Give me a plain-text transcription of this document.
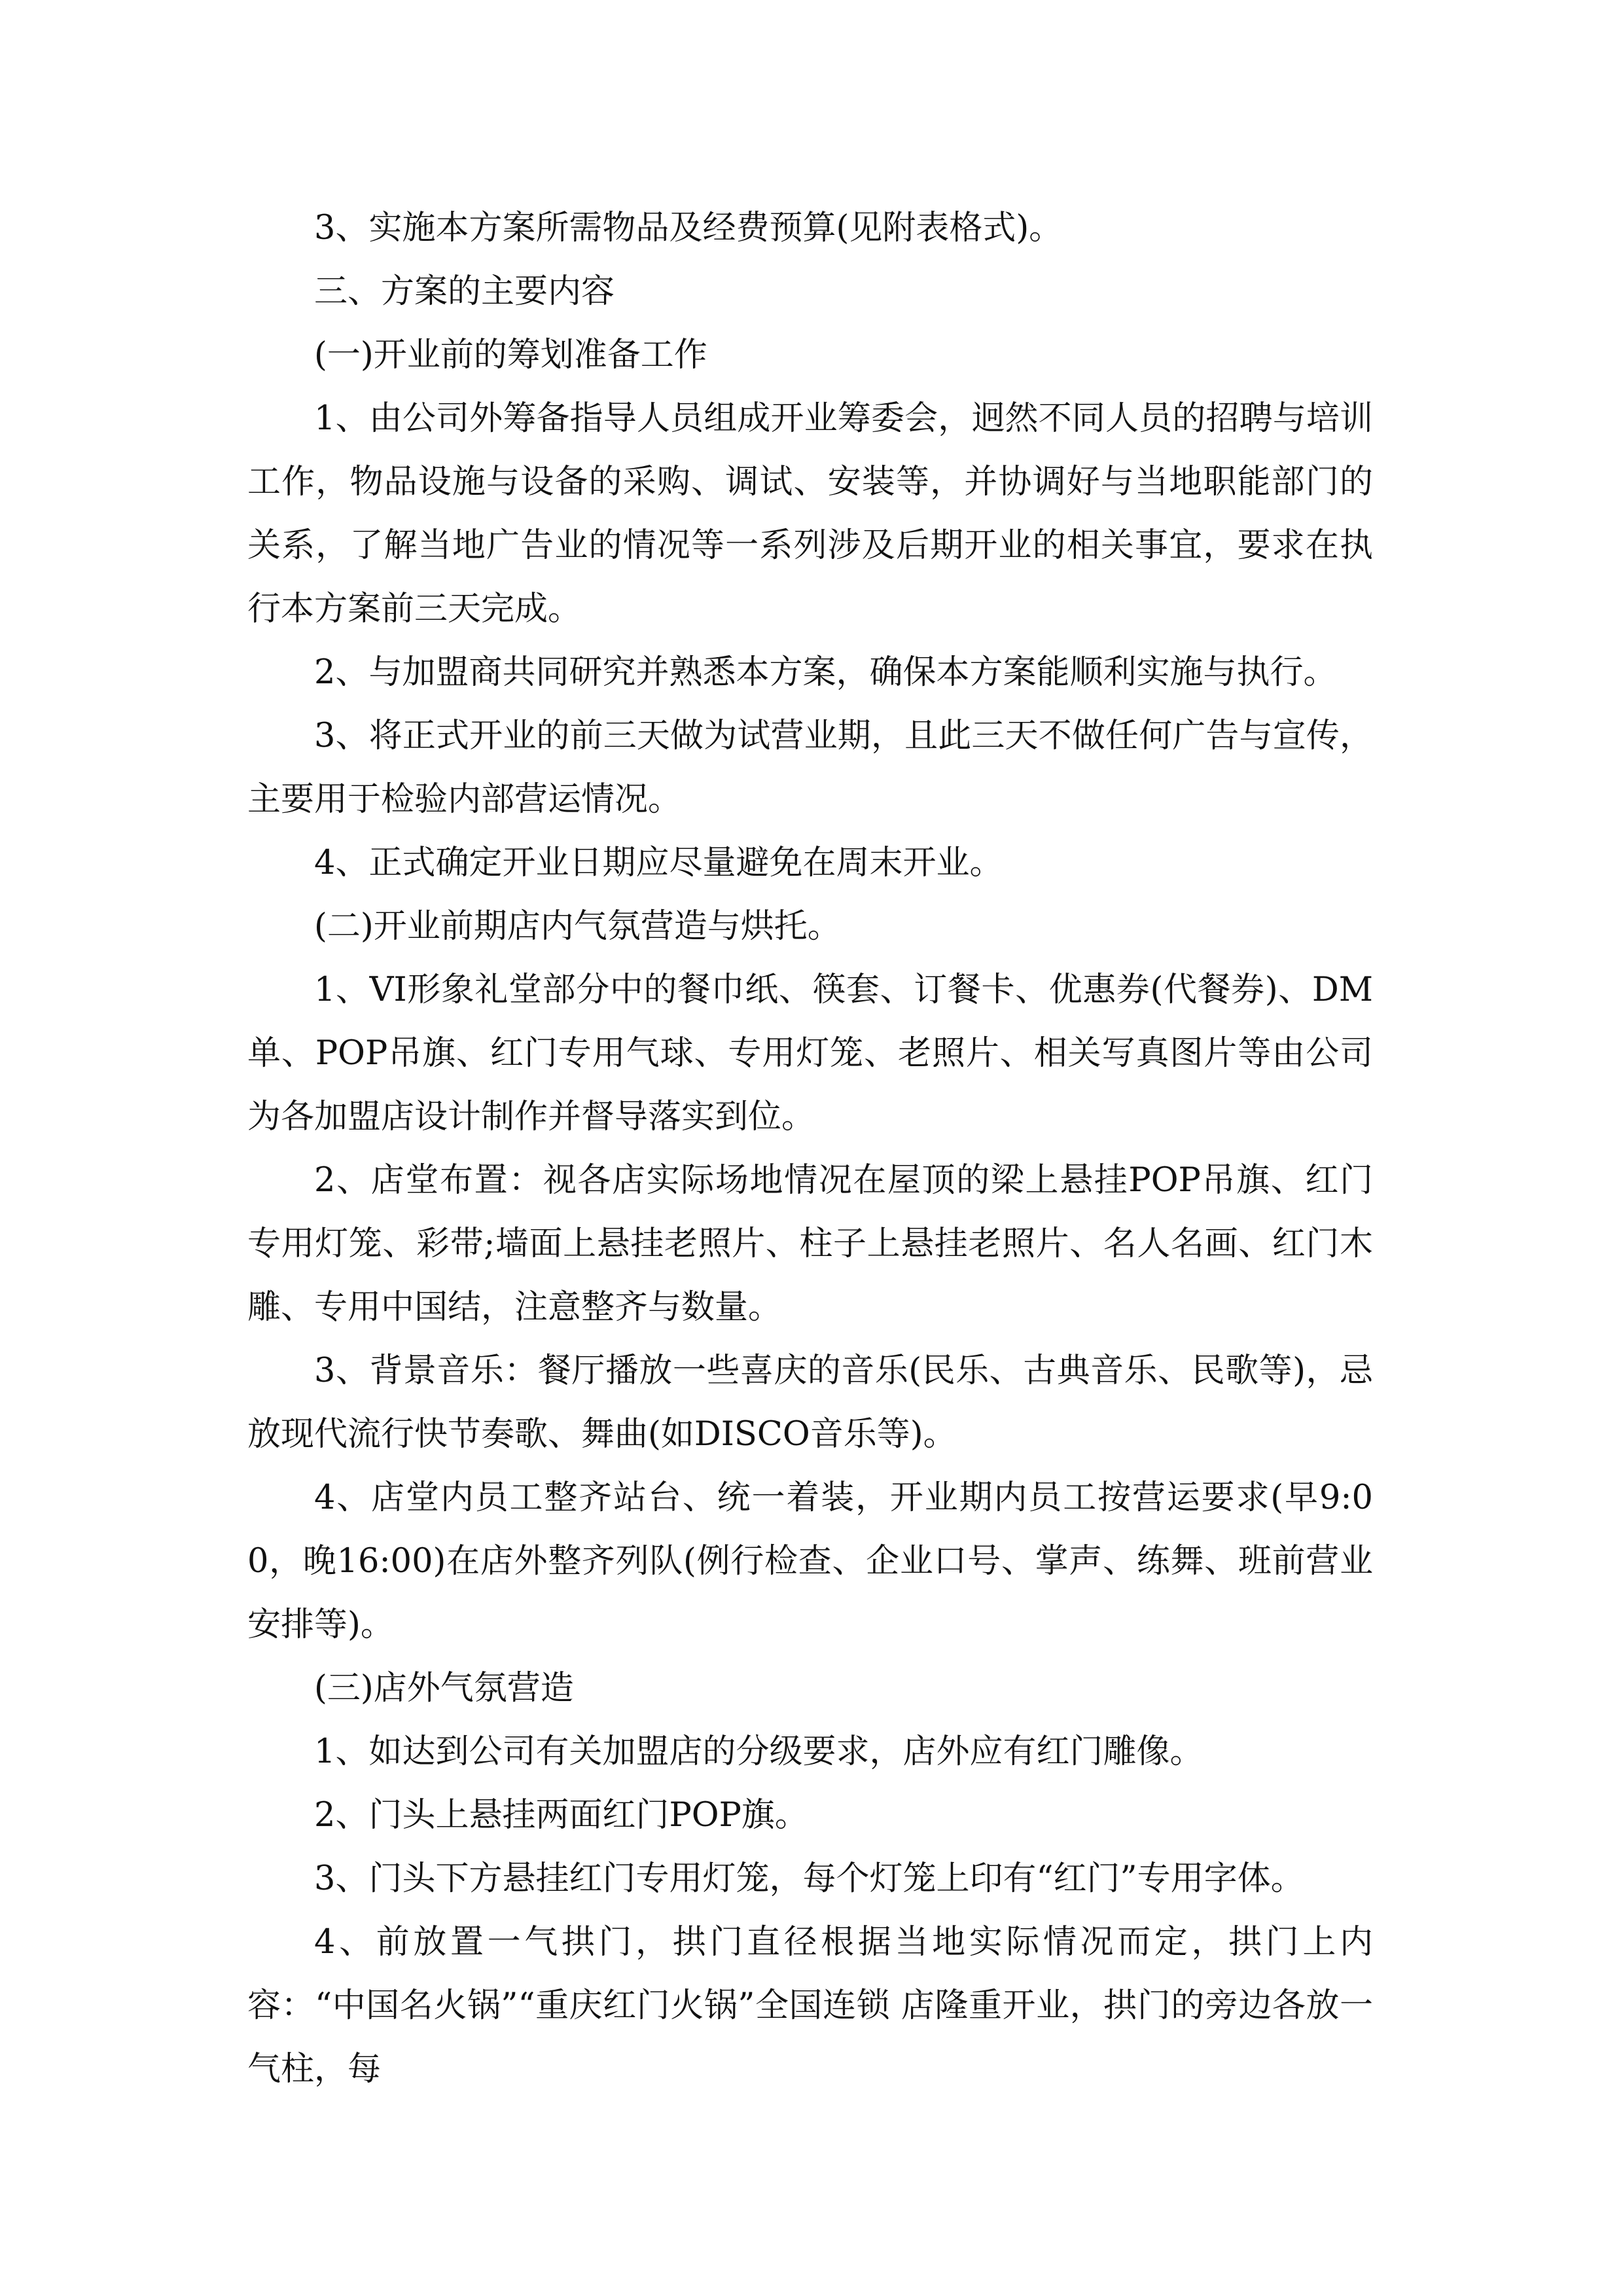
3、实施本方案所需物品及经费预算(见附表格式)。

三、方案的主要内容

(一)开业前的筹划准备工作

1、由公司外筹备指导人员组成开业筹委会，迥然不同人员的招聘与培训工作，物品设施与设备的采购、调试、安装等，并协调好与当地职能部门的关系，了解当地广告业的情况等一系列涉及后期开业的相关事宜，要求在执行本方案前三天完成。

2、与加盟商共同研究并熟悉本方案，确保本方案能顺利实施与执行。

3、将正式开业的前三天做为试营业期，且此三天不做任何广告与宣传，主要用于检验内部营运情况。

4、正式确定开业日期应尽量避免在周末开业。

(二)开业前期店内气氛营造与烘托。

1、VI形象礼堂部分中的餐巾纸、筷套、订餐卡、优惠券(代餐券)、DM单、POP吊旗、红门专用气球、专用灯笼、老照片、相关写真图片等由公司为各加盟店设计制作并督导落实到位。

2、店堂布置：视各店实际场地情况在屋顶的梁上悬挂POP吊旗、红门专用灯笼、彩带;墙面上悬挂老照片、柱子上悬挂老照片、名人名画、红门木雕、专用中国结，注意整齐与数量。

3、背景音乐：餐厅播放一些喜庆的音乐(民乐、古典音乐、民歌等)，忌放现代流行快节奏歌、舞曲(如DISCO音乐等)。

4、店堂内员工整齐站台、统一着装，开业期内员工按营运要求(早9:00，晚16:00)在店外整齐列队(例行检查、企业口号、掌声、练舞、班前营业安排等)。

(三)店外气氛营造

1、如达到公司有关加盟店的分级要求，店外应有红门雕像。

2、门头上悬挂两面红门POP旗。

3、门头下方悬挂红门专用灯笼，每个灯笼上印有“红门”专用字体。

4、前放置一气拱门，拱门直径根据当地实际情况而定，拱门上内容：“中国名火锅”“重庆红门火锅”全国连锁 店隆重开业，拱门的旁边各放一气柱，每
